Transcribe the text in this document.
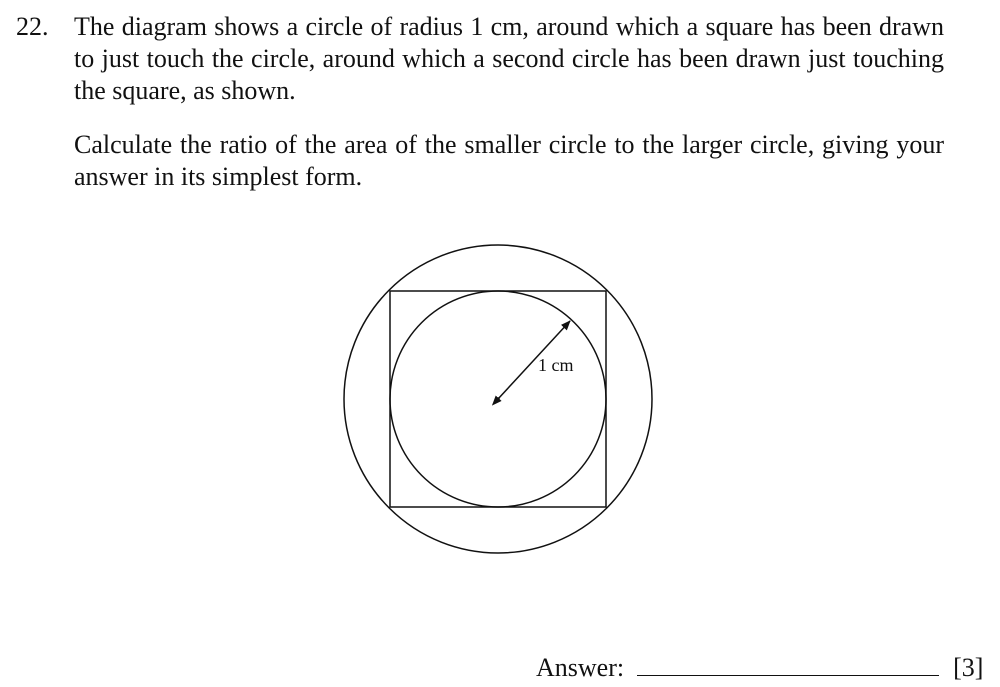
22. The diagram shows a circle of radius 1 cm, around which a square has been drawn to just touch the circle, around which a second circle has been drawn just touching the square, as shown.
Calculate the ratio of the area of the smaller circle to the larger circle, giving your answer in its simplest form.
1 cm
Answer:	[3]
